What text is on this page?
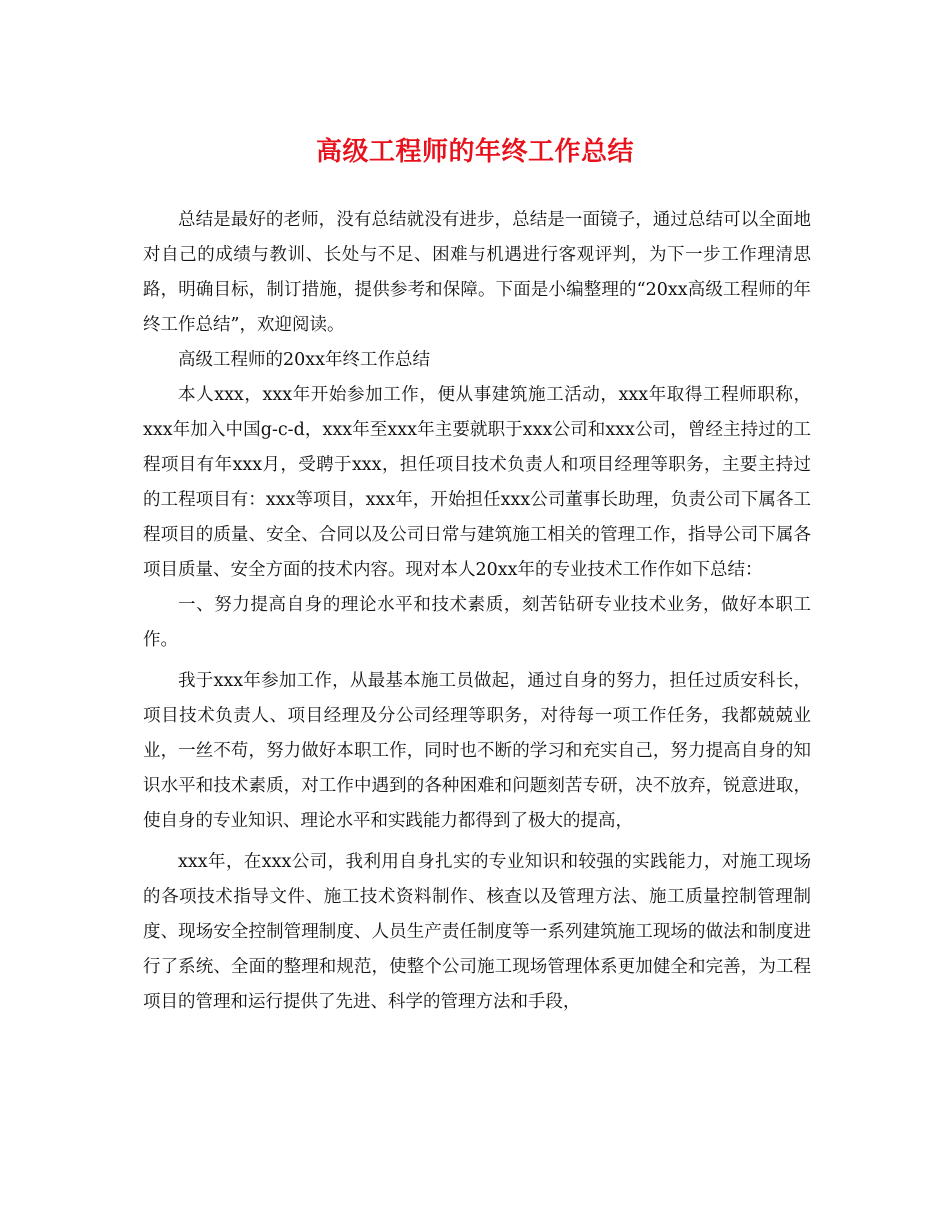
高级工程师的年终工作总结

总结是最好的老师，没有总结就没有进步，总结是一面镜子，通过总结可以全面地对自己的成绩与教训、长处与不足、困难与机遇进行客观评判，为下一步工作理清思路，明确目标，制订措施，提供参考和保障。下面是小编整理的“20xx高级工程师的年终工作总结”，欢迎阅读。

高级工程师的20xx年终工作总结

本人xxx，xxx年开始参加工作，便从事建筑施工活动，xxx年取得工程师职称，xxx年加入中国g-c-d，xxx年至xxx年主要就职于xxx公司和xxx公司，曾经主持过的工程项目有年xxx月，受聘于xxx，担任项目技术负责人和项目经理等职务，主要主持过的工程项目有：xxx等项目，xxx年，开始担任xxx公司董事长助理，负责公司下属各工程项目的质量、安全、合同以及公司日常与建筑施工相关的管理工作，指导公司下属各项目质量、安全方面的技术内容。现对本人20xx年的专业技术工作作如下总结：

一、努力提高自身的理论水平和技术素质，刻苦钻研专业技术业务，做好本职工作。

我于xxx年参加工作，从最基本施工员做起，通过自身的努力，担任过质安科长，项目技术负责人、项目经理及分公司经理等职务，对待每一项工作任务，我都兢兢业业，一丝不苟，努力做好本职工作，同时也不断的学习和充实自己，努力提高自身的知识水平和技术素质，对工作中遇到的各种困难和问题刻苦专研，决不放弃，锐意进取，使自身的专业知识、理论水平和实践能力都得到了极大的提高，

xxx年，在xxx公司，我利用自身扎实的专业知识和较强的实践能力，对施工现场的各项技术指导文件、施工技术资料制作、核查以及管理方法、施工质量控制管理制度、现场安全控制管理制度、人员生产责任制度等一系列建筑施工现场的做法和制度进行了系统、全面的整理和规范，使整个公司施工现场管理体系更加健全和完善，为工程项目的管理和运行提供了先进、科学的管理方法和手段，
